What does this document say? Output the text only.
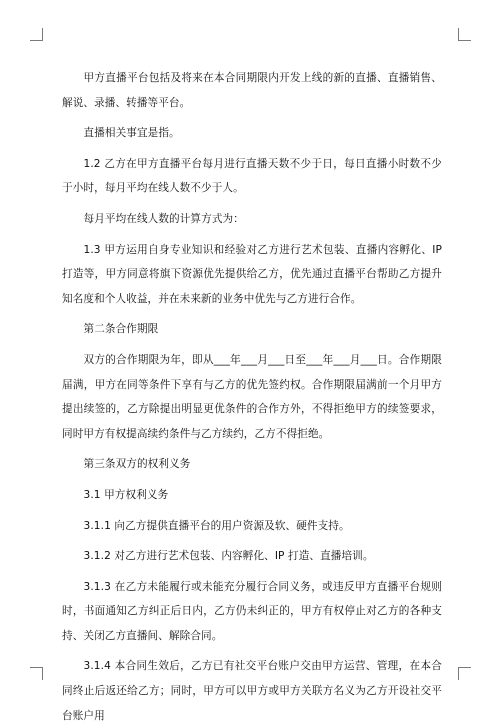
甲方直播平台包括及将来在本合同期限内开发上线的新的直播、直播销售、解说、录播、转播等平台。

直播相关事宜是指。

1.2 乙方在甲方直播平台每月进行直播天数不少于日，每日直播小时数不少于小时，每月平均在线人数不少于人。

每月平均在线人数的计算方式为：

1.3 甲方运用自身专业知识和经验对乙方进行艺术包装、直播内容孵化、IP 打造等，甲方同意将旗下资源优先提供给乙方，优先通过直播平台帮助乙方提升知名度和个人收益，并在未来新的业务中优先与乙方进行合作。

第二条合作期限

双方的合作期限为年，即从___年___月___日至___年___月___日。合作期限届满，甲方在同等条件下享有与乙方的优先签约权。合作期限届满前一个月甲方提出续签的，乙方除提出明显更优条件的合作方外，不得拒绝甲方的续签要求，同时甲方有权提高续约条件与乙方续约，乙方不得拒绝。

第三条双方的权利义务

3.1 甲方权利义务

3.1.1 向乙方提供直播平台的用户资源及软、硬件支持。

3.1.2 对乙方进行艺术包装、内容孵化、IP 打造、直播培训。

3.1.3 在乙方未能履行或未能充分履行合同义务，或违反甲方直播平台规则时，书面通知乙方纠正后日内，乙方仍未纠正的，甲方有权停止对乙方的各种支持、关闭乙方直播间、解除合同。

3.1.4 本合同生效后，乙方已有社交平台账户交由甲方运营、管理，在本合同终止后返还给乙方；同时，甲方可以甲方或甲方关联方名义为乙方开设社交平台账户用
